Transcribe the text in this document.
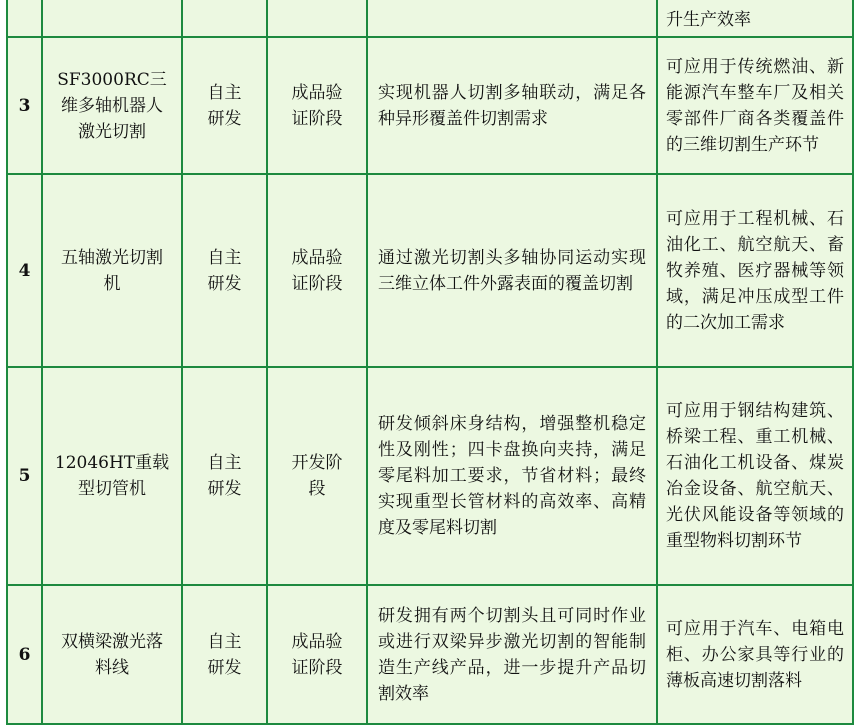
					升生产效率
3	SF3000RC三维多轴机器人激光切割	自主研发	成品验证阶段	实现机器人切割多轴联动，满足各种异形覆盖件切割需求	可应用于传统燃油、新能源汽车整车厂及相关零部件厂商各类覆盖件的三维切割生产环节
4	五轴激光切割机	自主研发	成品验证阶段	通过激光切割头多轴协同运动实现三维立体工件外露表面的覆盖切割	可应用于工程机械、石油化工、航空航天、畜牧养殖、医疗器械等领域，满足冲压成型工件的二次加工需求
5	12046HT重载型切管机	自主研发	开发阶段	研发倾斜床身结构，增强整机稳定性及刚性；四卡盘换向夹持，满足零尾料加工要求，节省材料；最终实现重型长管材料的高效率、高精度及零尾料切割	可应用于钢结构建筑、桥梁工程、重工机械、石油化工机设备、煤炭冶金设备、航空航天、光伏风能设备等领域的重型物料切割环节
6	双横梁激光落料线	自主研发	成品验证阶段	研发拥有两个切割头且可同时作业或进行双梁异步激光切割的智能制造生产线产品，进一步提升产品切割效率	可应用于汽车、电箱电柜、办公家具等行业的薄板高速切割落料
